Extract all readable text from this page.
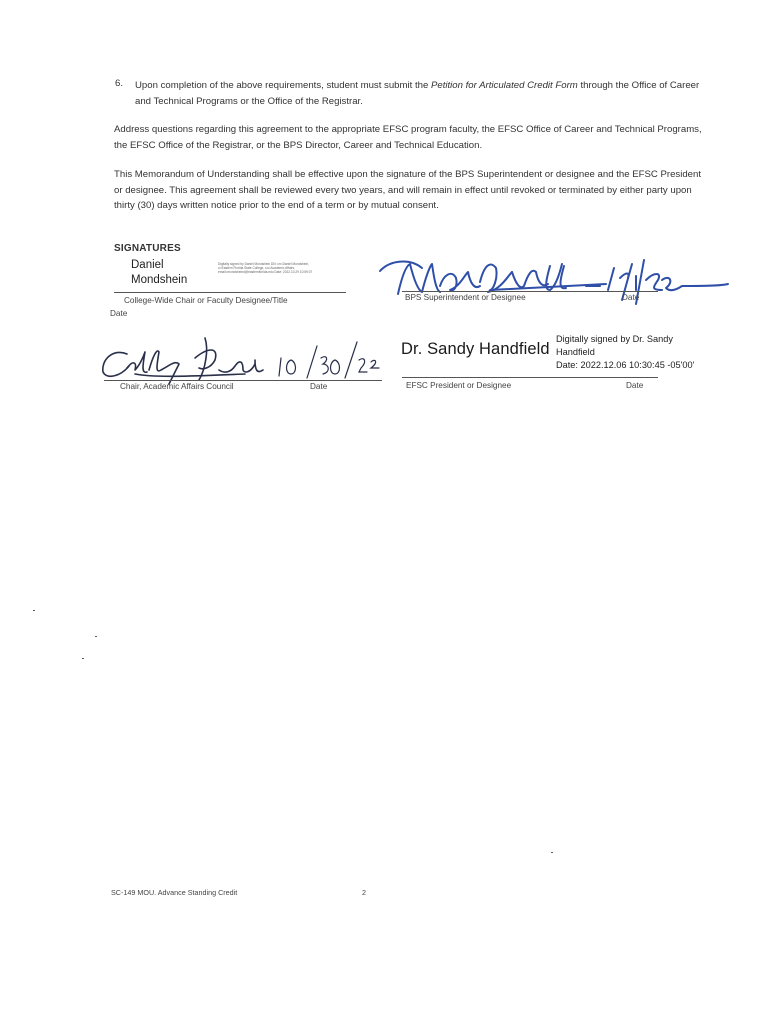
6. Upon completion of the above requirements, student must submit the Petition for Articulated Credit Form through the Office of Career and Technical Programs or the Office of the Registrar.
Address questions regarding this agreement to the appropriate EFSC program faculty, the EFSC Office of Career and Technical Programs, the EFSC Office of the Registrar, or the BPS Director, Career and Technical Education.
This Memorandum of Understanding shall be effective upon the signature of the BPS Superintendent or designee and the EFSC President or designee. This agreement shall be reviewed every two years, and will remain in effect until revoked or terminated by either party upon thirty (30) days written notice prior to the end of a term or by mutual consent.
SIGNATURES
Daniel
Mondshein
Digitally signed by Daniel Mondshein DN: cn=Daniel Mondshein, o=Eastern Florida State College, ou=Academic Affairs, email=mondsheind@easternflorida.edu Date: 2022.10.29 10:59:07
College-Wide Chair or Faculty Designee/Title
Date
BPS Superintendent or Designee	Date
Chair, Academic Affairs Council	Date
Dr. Sandy Handfield
Digitally signed by Dr. Sandy
Handfield
Date: 2022.12.06 10:30:45 -05'00'
EFSC President or Designee	Date
SC-149 MOU. Advance Standing Credit	2
